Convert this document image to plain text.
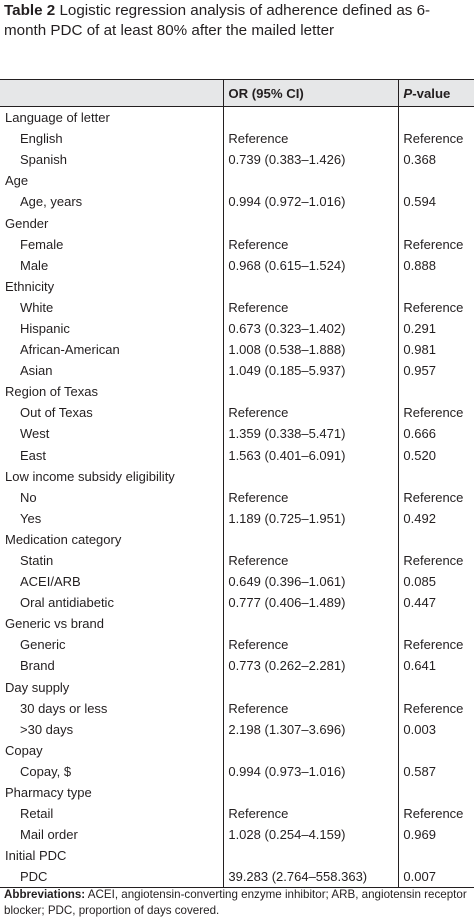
Table 2 Logistic regression analysis of adherence defined as 6-month PDC of at least 80% after the mailed letter
	OR (95% CI)	P-value
Language of letter		
English	Reference	Reference
Spanish	0.739 (0.383–1.426)	0.368
Age		
Age, years	0.994 (0.972–1.016)	0.594
Gender		
Female	Reference	Reference
Male	0.968 (0.615–1.524)	0.888
Ethnicity		
White	Reference	Reference
Hispanic	0.673 (0.323–1.402)	0.291
African-American	1.008 (0.538–1.888)	0.981
Asian	1.049 (0.185–5.937)	0.957
Region of Texas		
Out of Texas	Reference	Reference
West	1.359 (0.338–5.471)	0.666
East	1.563 (0.401–6.091)	0.520
Low income subsidy eligibility		
No	Reference	Reference
Yes	1.189 (0.725–1.951)	0.492
Medication category		
Statin	Reference	Reference
ACEI/ARB	0.649 (0.396–1.061)	0.085
Oral antidiabetic	0.777 (0.406–1.489)	0.447
Generic vs brand		
Generic	Reference	Reference
Brand	0.773 (0.262–2.281)	0.641
Day supply		
30 days or less	Reference	Reference
>30 days	2.198 (1.307–3.696)	0.003
Copay		
Copay, $	0.994 (0.973–1.016)	0.587
Pharmacy type		
Retail	Reference	Reference
Mail order	1.028 (0.254–4.159)	0.969
Initial PDC		
PDC	39.283 (2.764–558.363)	0.007
Abbreviations: ACEI, angiotensin-converting enzyme inhibitor; ARB, angiotensin receptor blocker; PDC, proportion of days covered.
